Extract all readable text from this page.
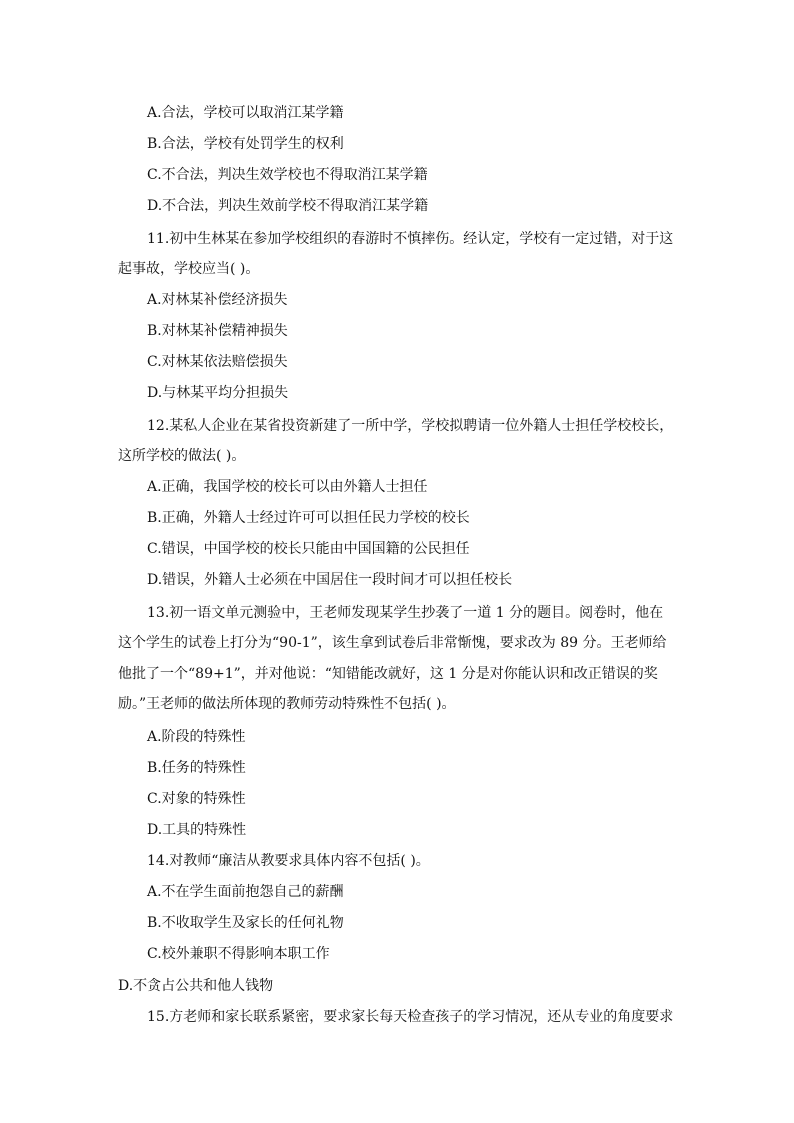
A.合法，学校可以取消江某学籍
B.合法，学校有处罚学生的权利
C.不合法，判决生效学校也不得取消江某学籍
D.不合法，判决生效前学校不得取消江某学籍
11.初中生林某在参加学校组织的春游时不慎摔伤。经认定，学校有一定过错，对于这
起事故，学校应当( )。
A.对林某补偿经济损失
B.对林某补偿精神损失
C.对林某依法赔偿损失
D.与林某平均分担损失
12.某私人企业在某省投资新建了一所中学，学校拟聘请一位外籍人士担任学校校长，
这所学校的做法( )。
A.正确，我国学校的校长可以由外籍人士担任
B.正确，外籍人士经过许可可以担任民力学校的校长
C.错误，中国学校的校长只能由中国国籍的公民担任
D.错误，外籍人士必须在中国居住一段时间才可以担任校长
13.初一语文单元测验中，王老师发现某学生抄袭了一道 1 分的题目。阅卷时，他在
这个学生的试卷上打分为“90-1”，该生拿到试卷后非常惭愧，要求改为 89 分。王老师给
他批了一个“89+1”，并对他说：“知错能改就好，这 1 分是对你能认识和改正错误的奖
励。”王老师的做法所体现的教师劳动特殊性不包括( )。
A.阶段的特殊性
B.任务的特殊性
C.对象的特殊性
D.工具的特殊性
14.对教师“廉洁从教要求具体内容不包括( )。
A.不在学生面前抱怨自己的薪酬
B.不收取学生及家长的任何礼物
C.校外兼职不得影响本职工作
D.不贪占公共和他人钱物
15.方老师和家长联系紧密，要求家长每天检查孩子的学习情况，还从专业的角度要求
